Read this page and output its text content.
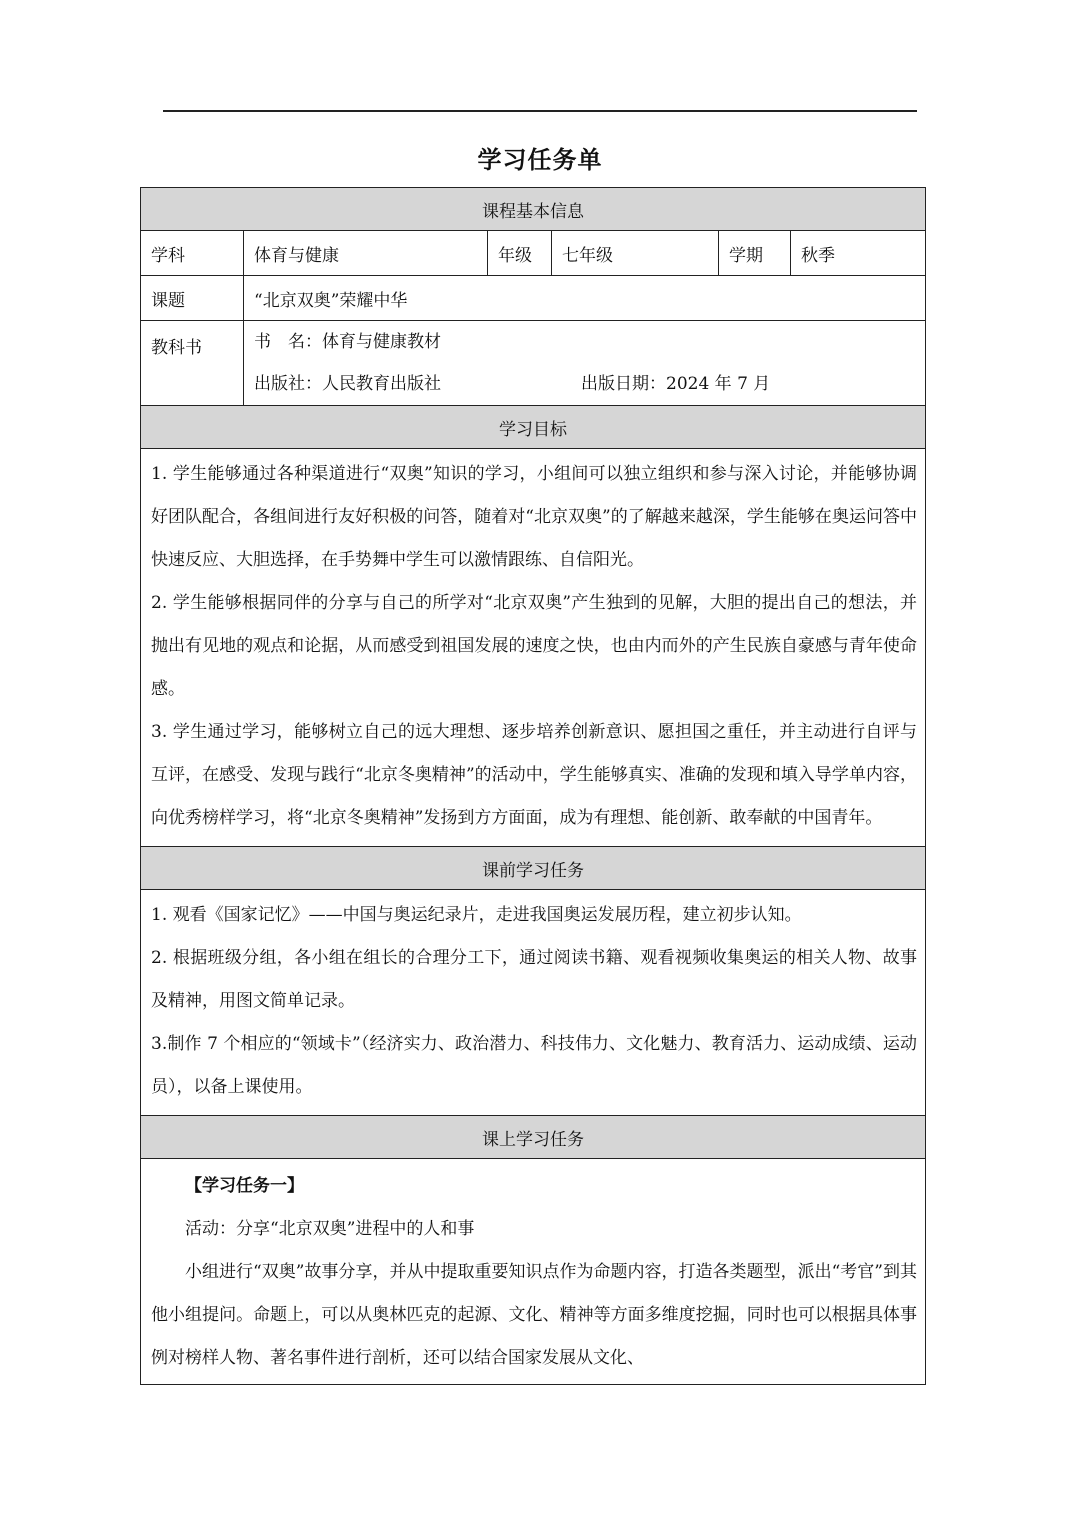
学习任务单
课程基本信息					
学科	体育与健康	年级	七年级	学期	秋季
课题	“北京双奥”荣耀中华				
教科书	书　名：体育与健康教材
出版社：人民教育出版社 出版日期：2024 年 7 月				

学习目标					

1. 学生能够通过各种渠道进行“双奥”知识的学习，小组间可以独立组织和参与深入讨论，并能够协调好团队配合，各组间进行友好积极的问答，随着对“北京双奥”的了解越来越深，学生能够在奥运问答中快速反应、大胆选择，在手势舞中学生可以激情跟练、自信阳光。

2. 学生能够根据同伴的分享与自己的所学对“北京双奥”产生独到的见解，大胆的提出自己的想法，并抛出有见地的观点和论据，从而感受到祖国发展的速度之快，也由内而外的产生民族自豪感与青年使命感。

3. 学生通过学习，能够树立自己的远大理想、逐步培养创新意识、愿担国之重任，并主动进行自评与互评，在感受、发现与践行“北京冬奥精神”的活动中，学生能够真实、准确的发现和填入导学单内容，向优秀榜样学习，将“北京冬奥精神”发扬到方方面面，成为有理想、能创新、敢奉献的中国青年。					

课前学习任务					

1. 观看《国家记忆》——中国与奥运纪录片，走进我国奥运发展历程，建立初步认知。

2. 根据班级分组，各小组在组长的合理分工下，通过阅读书籍、观看视频收集奥运的相关人物、故事及精神，用图文简单记录。

3.制作 7 个相应的“领域卡”（经济实力、政治潜力、科技伟力、文化魅力、教育活力、运动成绩、运动员），以备上课使用。					

课上学习任务					

【学习任务一】

活动：分享“北京双奥”进程中的人和事

小组进行“双奥”故事分享，并从中提取重要知识点作为命题内容，打造各类题型，派出“考官”到其他小组提问。命题上，可以从奥林匹克的起源、文化、精神等方面多维度挖掘，同时也可以根据具体事例对榜样人物、著名事件进行剖析，还可以结合国家发展从文化、					
